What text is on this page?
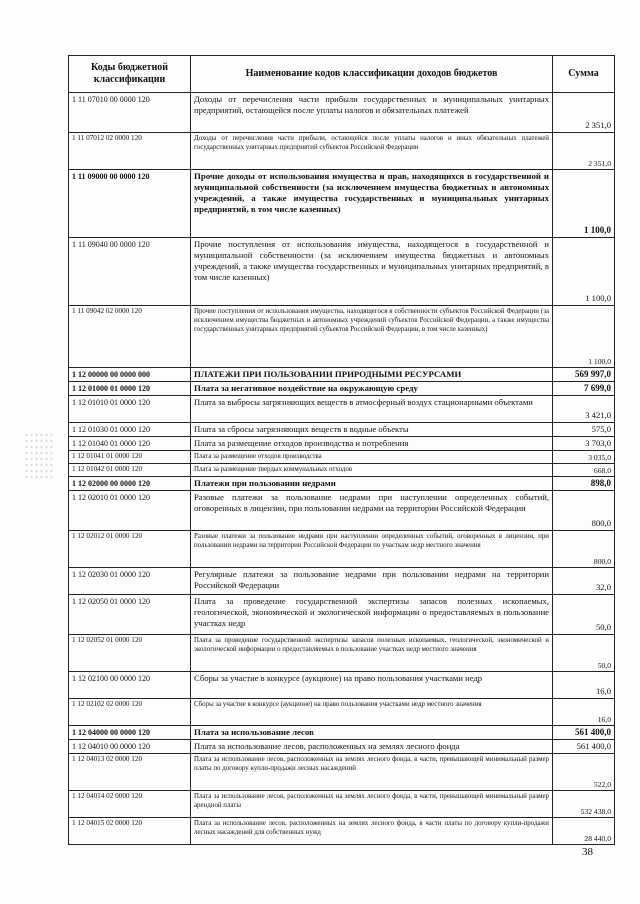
Коды бюджетной классификации	Наименование кодов классификации доходов бюджетов	Сумма
1 11 07010 00 0000 120	Доходы от перечисления части прибыли государственных и муниципальных унитарных предприятий, остающейся после уплаты налогов и обязательных платежей	2 351,0
1 11 07012 02 0000 120	Доходы от перечисления части прибыли, остающейся после уплаты налогов и иных обязательных платежей государственных унитарных предприятий субъектов Российской Федерации	2 351,0
1 11 09000 00 0000 120	Прочие доходы от использования имущества и прав, находящихся в государственной и муниципальной собственности (за исключением имущества бюджетных и автономных учреждений, а также имущества государственных и муниципальных унитарных предприятий, в том числе казенных)	1 100,0
1 11 09040 00 0000 120	Прочие поступления от использования имущества, находящегося в государственной и муниципальной собственности (за исключением имущества бюджетных и автономных учреждений, а также имущества государственных и муниципальных унитарных предприятий, в том числе казенных)	1 100,0
1 11 09042 02 0000 120	Прочие поступления от использования имущества, находящегося в собственности субъектов Российской Федерации (за исключением имущества бюджетных и автономных учреждений субъектов Российской Федерации, а также имущества государственных унитарных предприятий субъектов Российской Федерации, в том числе казенных)	1 100,0
1 12 00000 00 0000 000	ПЛАТЕЖИ ПРИ ПОЛЬЗОВАНИИ ПРИРОДНЫМИ РЕСУРСАМИ	569 997,0
1 12 01000 01 0000 120	Плата за негативное воздействие на окружающую среду	7 699,0
1 12 01010 01 0000 120	Плата за выбросы загрязняющих веществ в атмосферный воздух стационарными объектами	3 421,0
1 12 01030 01 0000 120	Плата за сбросы загрязняющих веществ в водные объекты	575,0
1 12 01040 01 0000 120	Плата за размещение отходов производства и потребления	3 703,0
1 12 01041 01 0000 120	Плата за размещение отходов производства	3 035,0
1 12 01042 01 0000 120	Плата за размещение твердых коммунальных отходов	668,0
1 12 02000 00 0000 120	Платежи при пользовании недрами	898,0
1 12 02010 01 0000 120	Разовые платежи за пользование недрами при наступлении определенных событий, оговоренных в лицензии, при пользовании недрами на территории Российской Федерации	800,0
1 12 02012 01 0000 120	Разовые платежи за пользование недрами при наступлении определенных событий, оговоренных в лицензии, при пользовании недрами на территории Российской Федерации по участкам недр местного значения	800,0
1 12 02030 01 0000 120	Регулярные платежи за пользование недрами при пользовании недрами на территории Российской Федерации	32,0
1 12 02050 01 0000 120	Плата за проведение государственной экспертизы запасов полезных ископаемых, геологической, экономической и экологической информации о предоставляемых в пользование участках недр	50,0
1 12 02052 01 0000 120	Плата за проведение государственной экспертизы запасов полезных ископаемых, геологической, экономической и экологической информации о предоставляемых в пользование участках недр местного значения	50,0
1 12 02100 00 0000 120	Сборы за участие в конкурсе (аукционе) на право пользования участками недр	16,0
1 12 02102 02 0000 120	Сборы за участие в конкурсе (аукционе) на право пользования участками недр местного значения	16,0
1 12 04000 00 0000 120	Плата за использование лесов	561 400,0
1 12 04010 00 0000 120	Плата за использование лесов, расположенных на землях лесного фонда	561 400,0
1 12 04013 02 0000 120	Плата за использование лесов, расположенных на землях лесного фонда, в части, превышающей минимальный размер платы по договору купли-продажи лесных насаждений	522,0
1 12 04014 02 0000 120	Плата за использование лесов, расположенных на землях лесного фонда, в части, превышающей минимальный размер арендной платы	532 438,0
1 12 04015 02 0000 120	Плата за использование лесов, расположенных на землях лесного фонда, в части платы по договору купли-продажи лесных насаждений для собственных нужд	28 440,0
38
